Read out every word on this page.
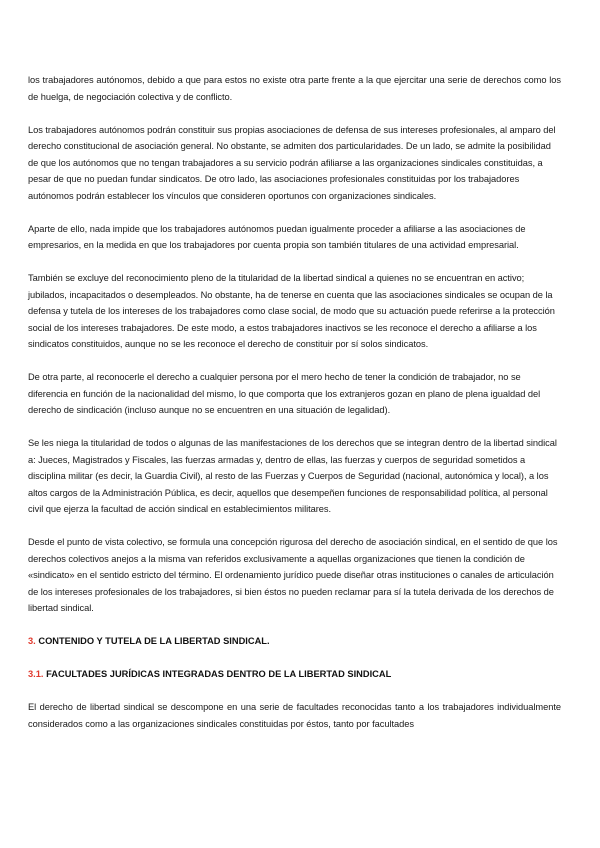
los trabajadores autónomos, debido a que para estos no existe otra parte frente a la que ejercitar una serie de derechos como los de huelga, de negociación colectiva y de conflicto.

Los trabajadores autónomos podrán constituir sus propias asociaciones de defensa de sus intereses profesionales, al amparo del derecho constitucional de asociación general. No obstante, se admiten dos particularidades. De un lado, se admite la posibilidad de que los autónomos que no tengan trabajadores a su servicio podrán afiliarse a las organizaciones sindicales constituidas, a pesar de que no puedan fundar sindicatos. De otro lado, las asociaciones profesionales constituidas por los trabajadores autónomos podrán establecer los vínculos que consideren oportunos con organizaciones sindicales.

Aparte de ello, nada impide que los trabajadores autónomos puedan igualmente proceder a afiliarse a las asociaciones de empresarios, en la medida en que los trabajadores por cuenta propia son también titulares de una actividad empresarial.

También se excluye del reconocimiento pleno de la titularidad de la libertad sindical a quienes no se encuentran en activo; jubilados, incapacitados o desempleados. No obstante, ha de tenerse en cuenta que las asociaciones sindicales se ocupan de la defensa y tutela de los intereses de los trabajadores como clase social, de modo que su actuación puede referirse a la protección social de los intereses trabajadores. De este modo, a estos trabajadores inactivos se les reconoce el derecho a afiliarse a los sindicatos constituidos, aunque no se les reconoce el derecho de constituir por sí solos sindicatos.

De otra parte, al reconocerle el derecho a cualquier persona por el mero hecho de tener la condición de trabajador, no se diferencia en función de la nacionalidad del mismo, lo que comporta que los extranjeros gozan en plano de plena igualdad del derecho de sindicación (incluso aunque no se encuentren en una situación de legalidad).

Se les niega la titularidad de todos o algunas de las manifestaciones de los derechos que se integran dentro de la libertad sindical a: Jueces, Magistrados y Fiscales, las fuerzas armadas y, dentro de ellas, las fuerzas y cuerpos de seguridad sometidos a disciplina militar (es decir, la Guardia Civil), al resto de las Fuerzas y Cuerpos de Seguridad (nacional, autonómica y local), a los altos cargos de la Administración Pública, es decir, aquellos que desempeñen funciones de responsabilidad política, al personal civil que ejerza la facultad de acción sindical en establecimientos militares.

Desde el punto de vista colectivo, se formula una concepción rigurosa del derecho de asociación sindical, en el sentido de que los derechos colectivos anejos a la misma van referidos exclusivamente a aquellas organizaciones que tienen la condición de «sindicato» en el sentido estricto del término. El ordenamiento jurídico puede diseñar otras instituciones o canales de articulación de los intereses profesionales de los trabajadores, si bien éstos no pueden reclamar para sí la tutela derivada de los derechos de libertad sindical.

3. CONTENIDO Y TUTELA DE LA LIBERTAD SINDICAL.
3.1. FACULTADES JURÍDICAS INTEGRADAS DENTRO DE LA LIBERTAD SINDICAL

El derecho de libertad sindical se descompone en una serie de facultades reconocidas tanto a los trabajadores individualmente considerados como a las organizaciones sindicales constituidas por éstos, tanto por facultades
